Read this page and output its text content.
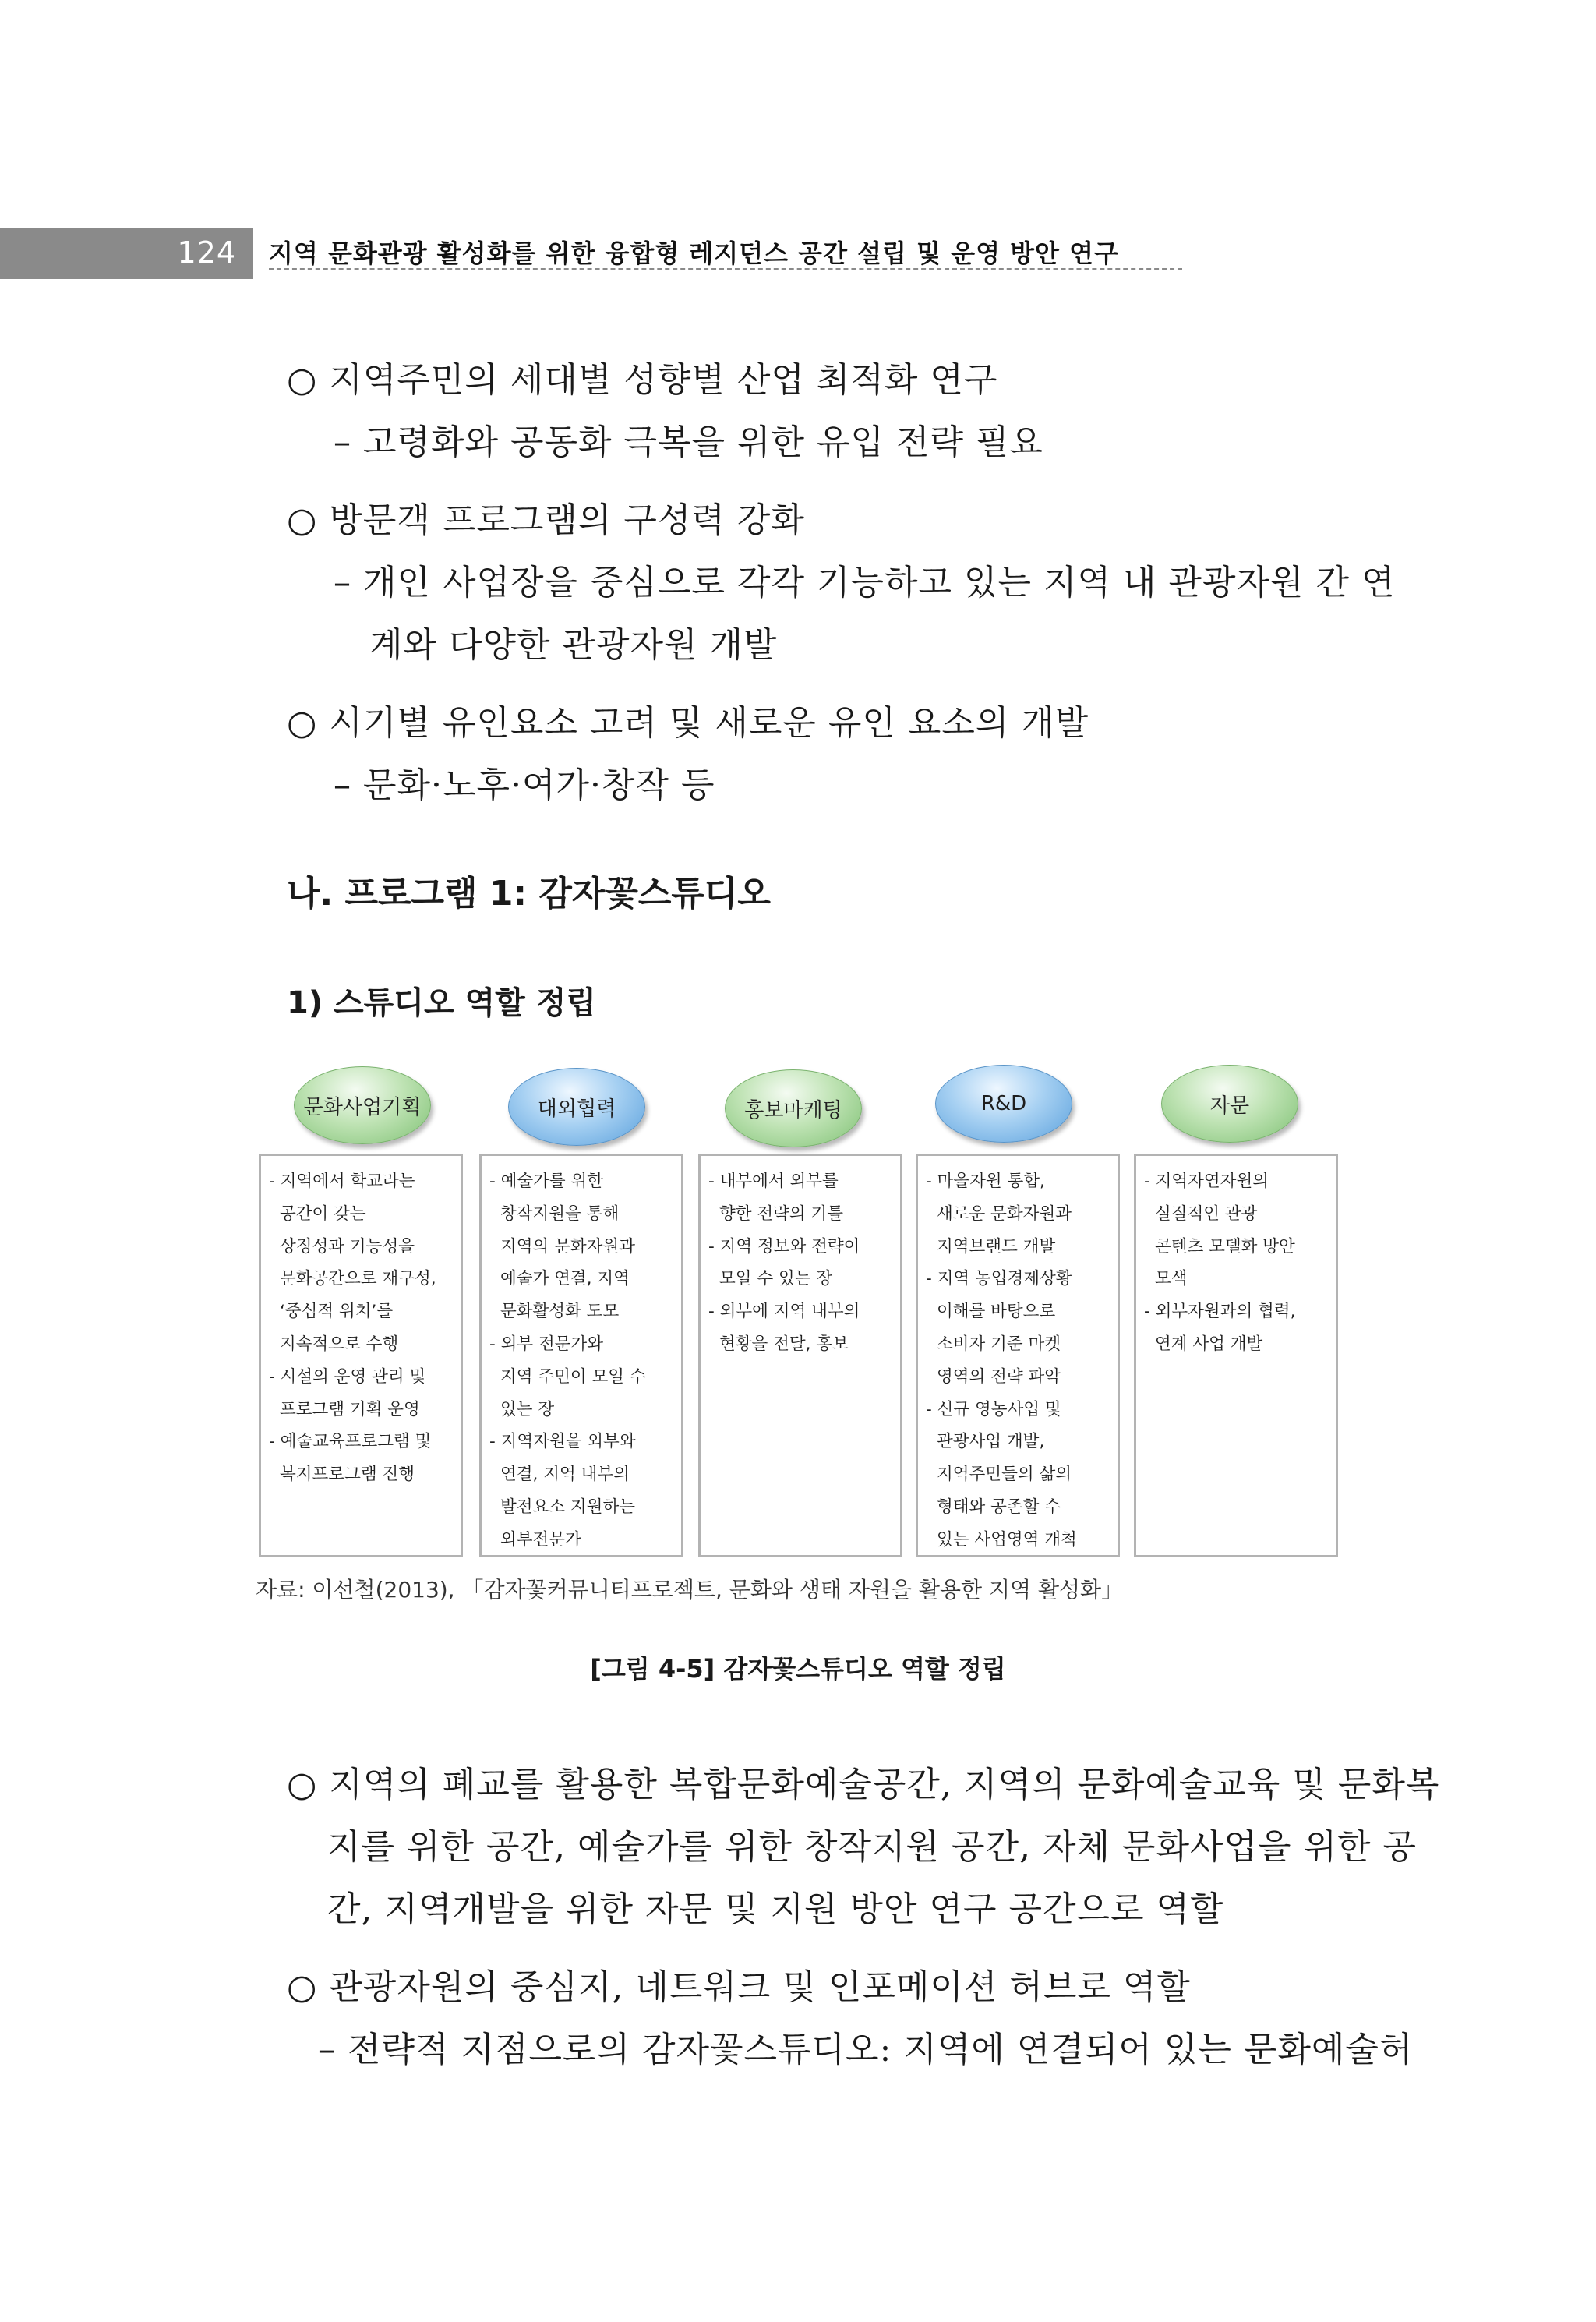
124 지역 문화관광 활성화를 위한 융합형 레지던스 공간 설립 및 운영 방안 연구
○ 지역주민의 세대별 성향별 산업 최적화 연구
– 고령화와 공동화 극복을 위한 유입 전략 필요
○ 방문객 프로그램의 구성력 강화
– 개인 사업장을 중심으로 각각 기능하고 있는 지역 내 관광자원 간 연
계와 다양한 관광자원 개발
○ 시기별 유인요소 고려 및 새로운 유인 요소의 개발
– 문화·노후·여가·창작 등
나. 프로그램 1: 감자꽃스튜디오
1) 스튜디오 역할 정립
문화사업기획	대외협력	홍보마케팅	R&D	자문
- 지역에서 학교라는
공간이 갖는
상징성과 기능성을
문화공간으로 재구성,
‘중심적 위치’를
지속적으로 수행
- 시설의 운영 관리 및
프로그램 기획 운영
- 예술교육프로그램 및
복지프로그램 진행
- 예술가를 위한
창작지원을 통해
지역의 문화자원과
예술가 연결, 지역
문화활성화 도모
- 외부 전문가와
지역 주민이 모일 수
있는 장
- 지역자원을 외부와
연결, 지역 내부의
발전요소 지원하는
외부전문가
- 내부에서 외부를
향한 전략의 기틀
- 지역 정보와 전략이
모일 수 있는 장
- 외부에 지역 내부의
현황을 전달, 홍보
- 마을자원 통합,
새로운 문화자원과
지역브랜드 개발
- 지역 농업경제상황
이해를 바탕으로
소비자 기준 마켓
영역의 전략 파악
- 신규 영농사업 및
관광사업 개발,
지역주민들의 삶의
형태와 공존할 수
있는 사업영역 개척
- 지역자연자원의
실질적인 관광
콘텐츠 모델화 방안
모색
- 외부자원과의 협력,
연계 사업 개발
자료: 이선철(2013), 「감자꽃커뮤니티프로젝트, 문화와 생태 자원을 활용한 지역 활성화」
[그림 4-5] 감자꽃스튜디오 역할 정립
○ 지역의 폐교를 활용한 복합문화예술공간, 지역의 문화예술교육 및 문화복
지를 위한 공간, 예술가를 위한 창작지원 공간, 자체 문화사업을 위한 공
간, 지역개발을 위한 자문 및 지원 방안 연구 공간으로 역할
○ 관광자원의 중심지, 네트워크 및 인포메이션 허브로 역할
– 전략적 지점으로의 감자꽃스튜디오: 지역에 연결되어 있는 문화예술허
